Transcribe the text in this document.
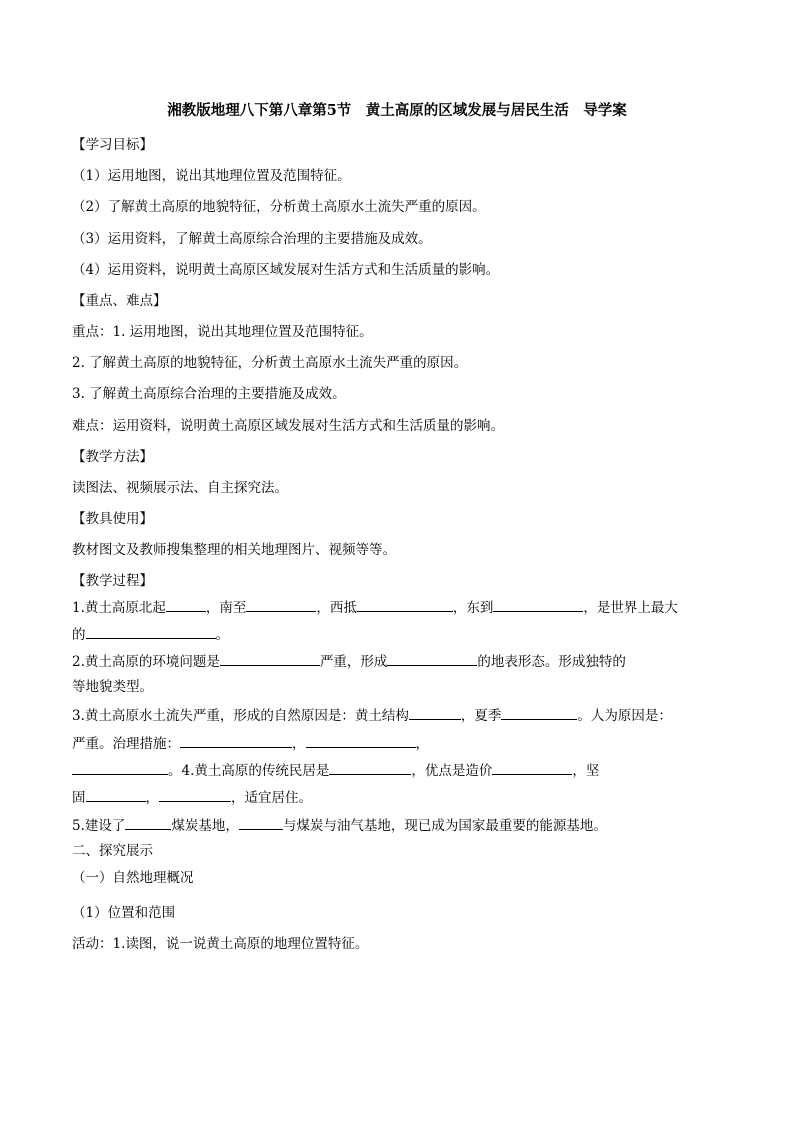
湘教版地理八下第八章第5节　黄土高原的区域发展与居民生活　导学案
【学习目标】
（1）运用地图，说出其地理位置及范围特征。
（2）了解黄土高原的地貌特征，分析黄土高原水土流失严重的原因。
（3）运用资料，了解黄土高原综合治理的主要措施及成效。
（4）运用资料，说明黄土高原区域发展对生活方式和生活质量的影响。
【重点、难点】
重点：1. 运用地图，说出其地理位置及范围特征。
2. 了解黄土高原的地貌特征，分析黄土高原水土流失严重的原因。
3. 了解黄土高原综合治理的主要措施及成效。
难点：运用资料，说明黄土高原区域发展对生活方式和生活质量的影响。
【教学方法】
读图法、视频展示法、自主探究法。
【教具使用】
教材图文及教师搜集整理的相关地理图片、视频等等。
【教学过程】
1.黄土高原北起	，南至	，西抵	，东到	，是世界上最大
的	。
2.黄土高原的环境问题是	严重，形成	的地表形态。形成独特的
等地貌类型。
3.黄土高原水土流失严重，形成的自然原因是：黄土结构	，夏季	。人为原因是：
严重。治理措施：	，	，
。4.黄土高原的传统民居是	，优点是造价	，坚
固	，	，适宜居住。
5.建设了	煤炭基地，	与煤炭与油气基地，现已成为国家最重要的能源基地。
二、探究展示
（一）自然地理概况
（1）位置和范围
活动：1.读图，说一说黄土高原的地理位置特征。
